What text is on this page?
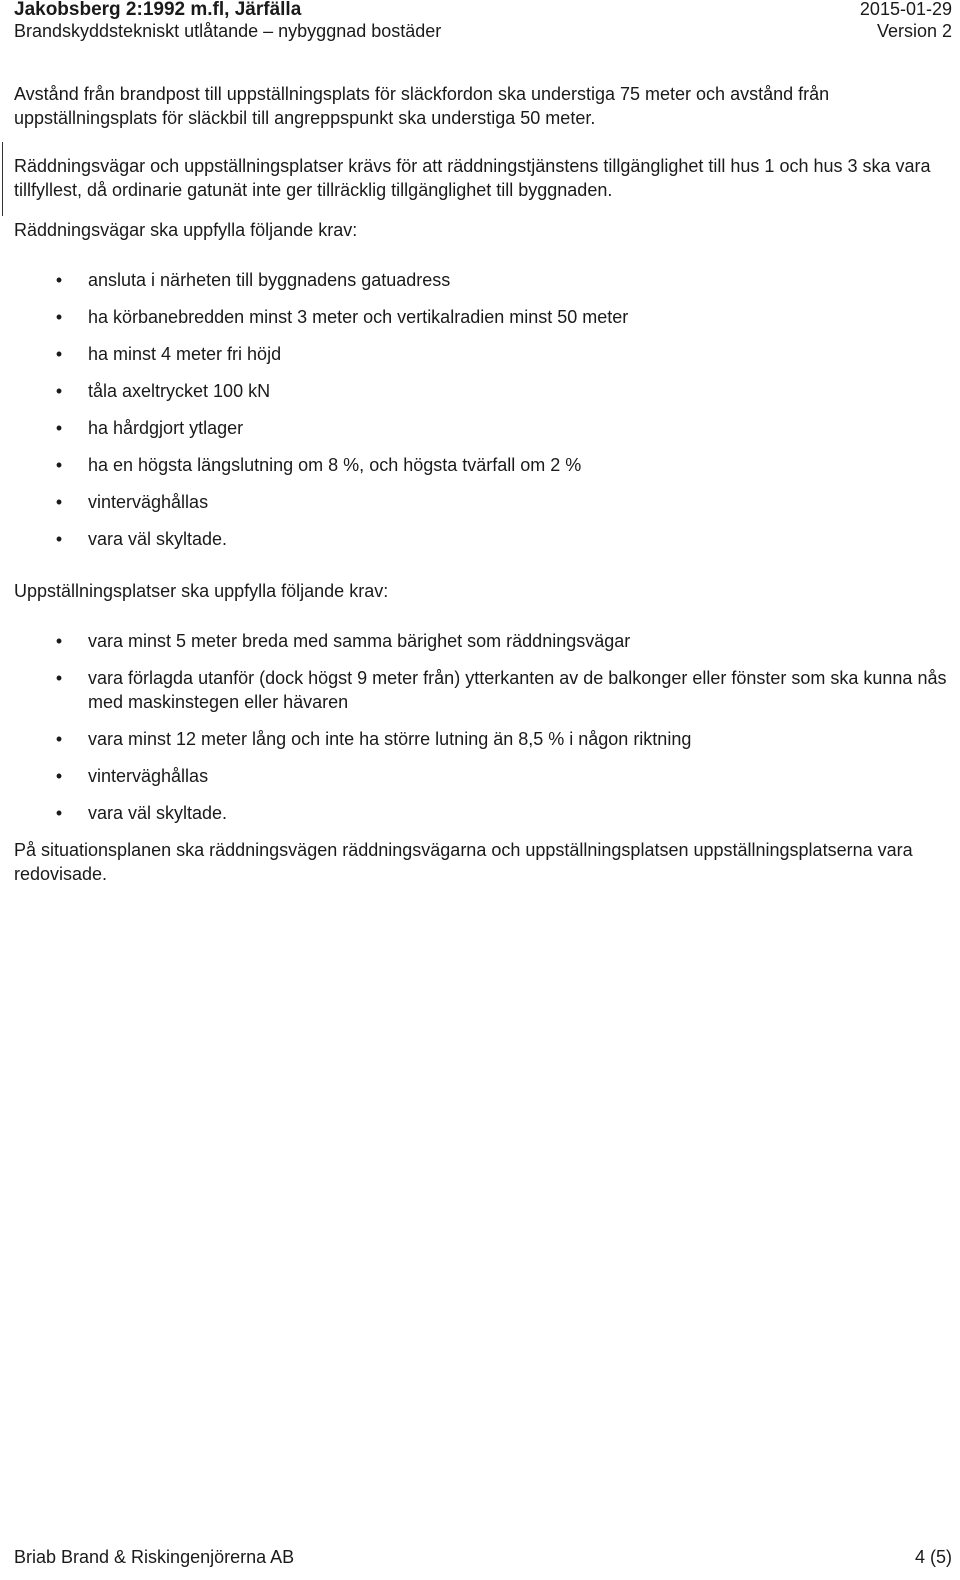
Jakobsberg 2:1992 m.fl, Järfälla	2015-01-29
Brandskyddstekniskt utlåtande – nybyggnad bostäder	Version 2

Avstånd från brandpost till uppställningsplats för släckfordon ska understiga 75 meter och avstånd från uppställningsplats för släckbil till angreppspunkt ska understiga 50 meter.

Räddningsvägar och uppställningsplatser krävs för att räddningstjänstens tillgänglighet till hus 1 och hus 3 ska vara tillfyllest, då ordinarie gatunät inte ger tillräcklig tillgänglighet till byggnaden.

Räddningsvägar ska uppfylla följande krav:

• ansluta i närheten till byggnadens gatuadress
• ha körbanebredden minst 3 meter och vertikalradien minst 50 meter
• ha minst 4 meter fri höjd
• tåla axeltrycket 100 kN
• ha hårdgjort ytlager
• ha en högsta längslutning om 8 %, och högsta tvärfall om 2 %
• vinterväghållas
• vara väl skyltade.

Uppställningsplatser ska uppfylla följande krav:

• vara minst 5 meter breda med samma bärighet som räddningsvägar
• vara förlagda utanför (dock högst 9 meter från) ytterkanten av de balkonger eller fönster som ska kunna nås med maskinstegen eller hävaren
• vara minst 12 meter lång och inte ha större lutning än 8,5 % i någon riktning
• vinterväghållas
• vara väl skyltade.

På situationsplanen ska räddningsvägen räddningsvägarna och uppställningsplatsen uppställningsplatserna vara redovisade.

Briab Brand & Riskingenjörerna AB	4 (5)
